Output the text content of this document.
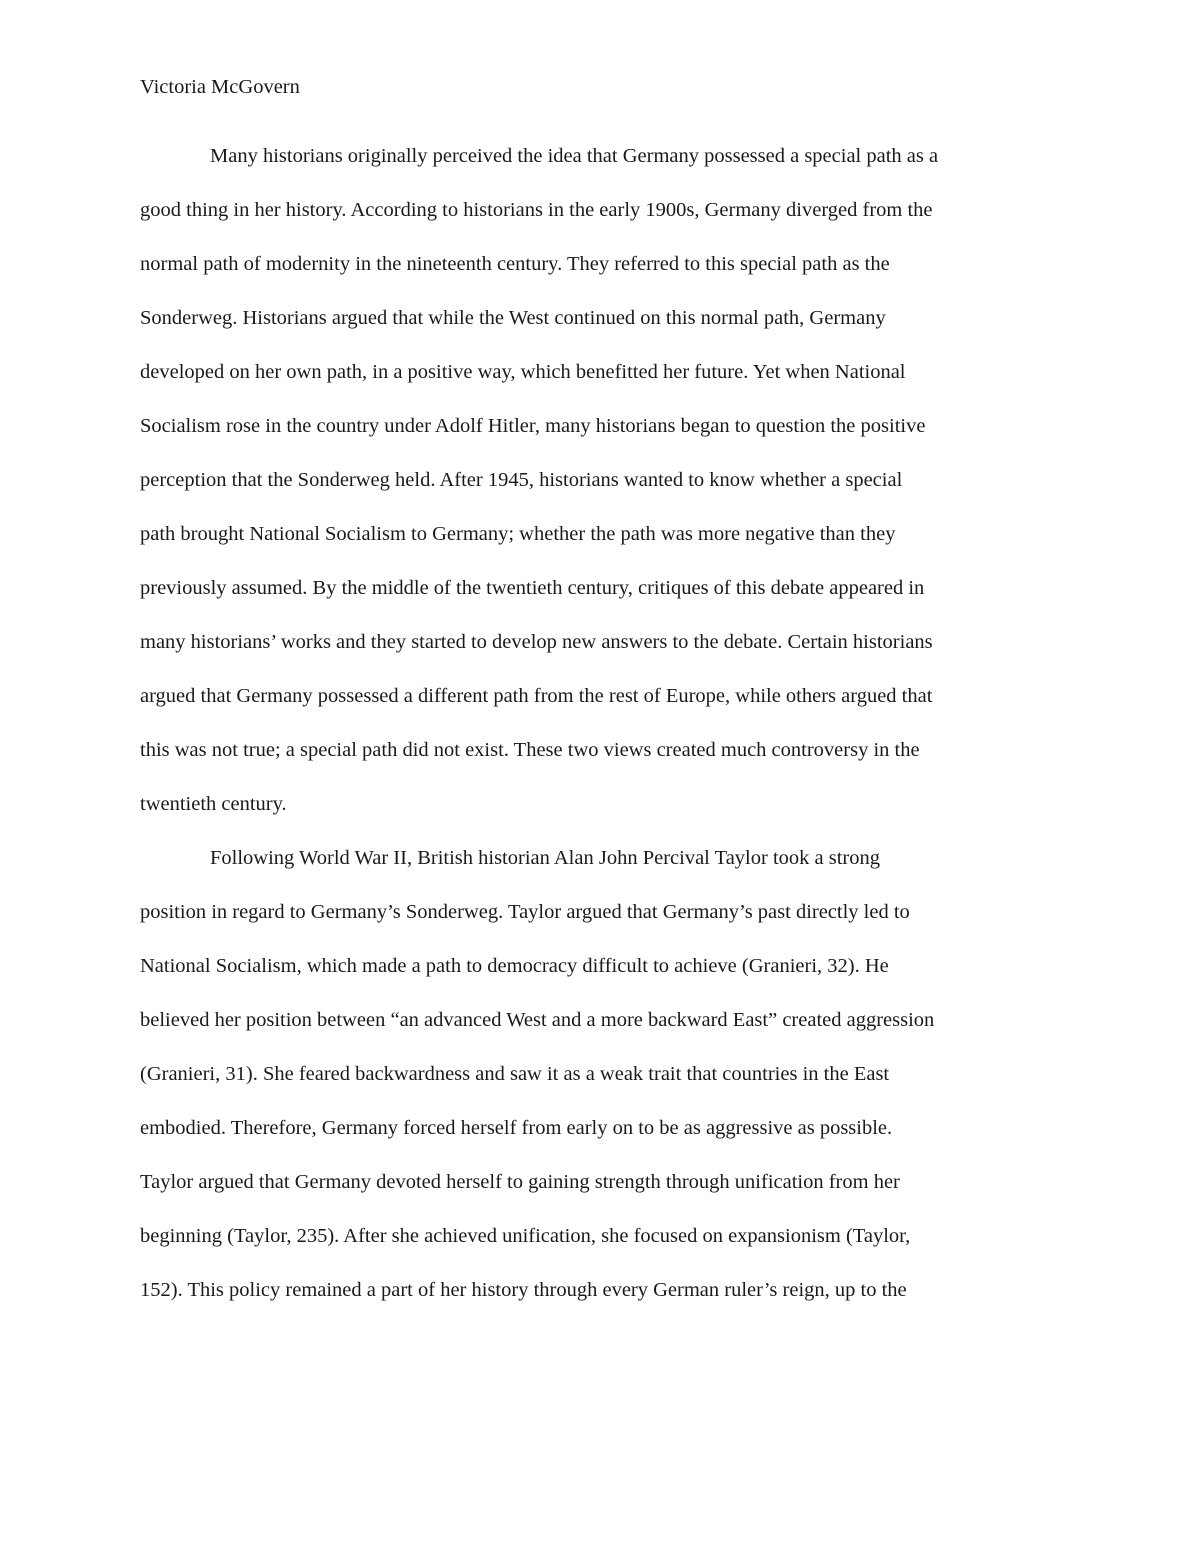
Victoria McGovern
Many historians originally perceived the idea that Germany possessed a special path as a
good thing in her history. According to historians in the early 1900s, Germany diverged from the
normal path of modernity in the nineteenth century. They referred to this special path as the
Sonderweg. Historians argued that while the West continued on this normal path, Germany
developed on her own path, in a positive way, which benefitted her future. Yet when National
Socialism rose in the country under Adolf Hitler, many historians began to question the positive
perception that the Sonderweg held. After 1945, historians wanted to know whether a special
path brought National Socialism to Germany; whether the path was more negative than they
previously assumed. By the middle of the twentieth century, critiques of this debate appeared in
many historians’ works and they started to develop new answers to the debate. Certain historians
argued that Germany possessed a different path from the rest of Europe, while others argued that
this was not true; a special path did not exist. These two views created much controversy in the
twentieth century.
Following World War II, British historian Alan John Percival Taylor took a strong
position in regard to Germany’s Sonderweg. Taylor argued that Germany’s past directly led to
National Socialism, which made a path to democracy difficult to achieve (Granieri, 32). He
believed her position between “an advanced West and a more backward East” created aggression
(Granieri, 31). She feared backwardness and saw it as a weak trait that countries in the East
embodied. Therefore, Germany forced herself from early on to be as aggressive as possible.
Taylor argued that Germany devoted herself to gaining strength through unification from her
beginning (Taylor, 235). After she achieved unification, she focused on expansionism (Taylor,
152). This policy remained a part of her history through every German ruler’s reign, up to the
